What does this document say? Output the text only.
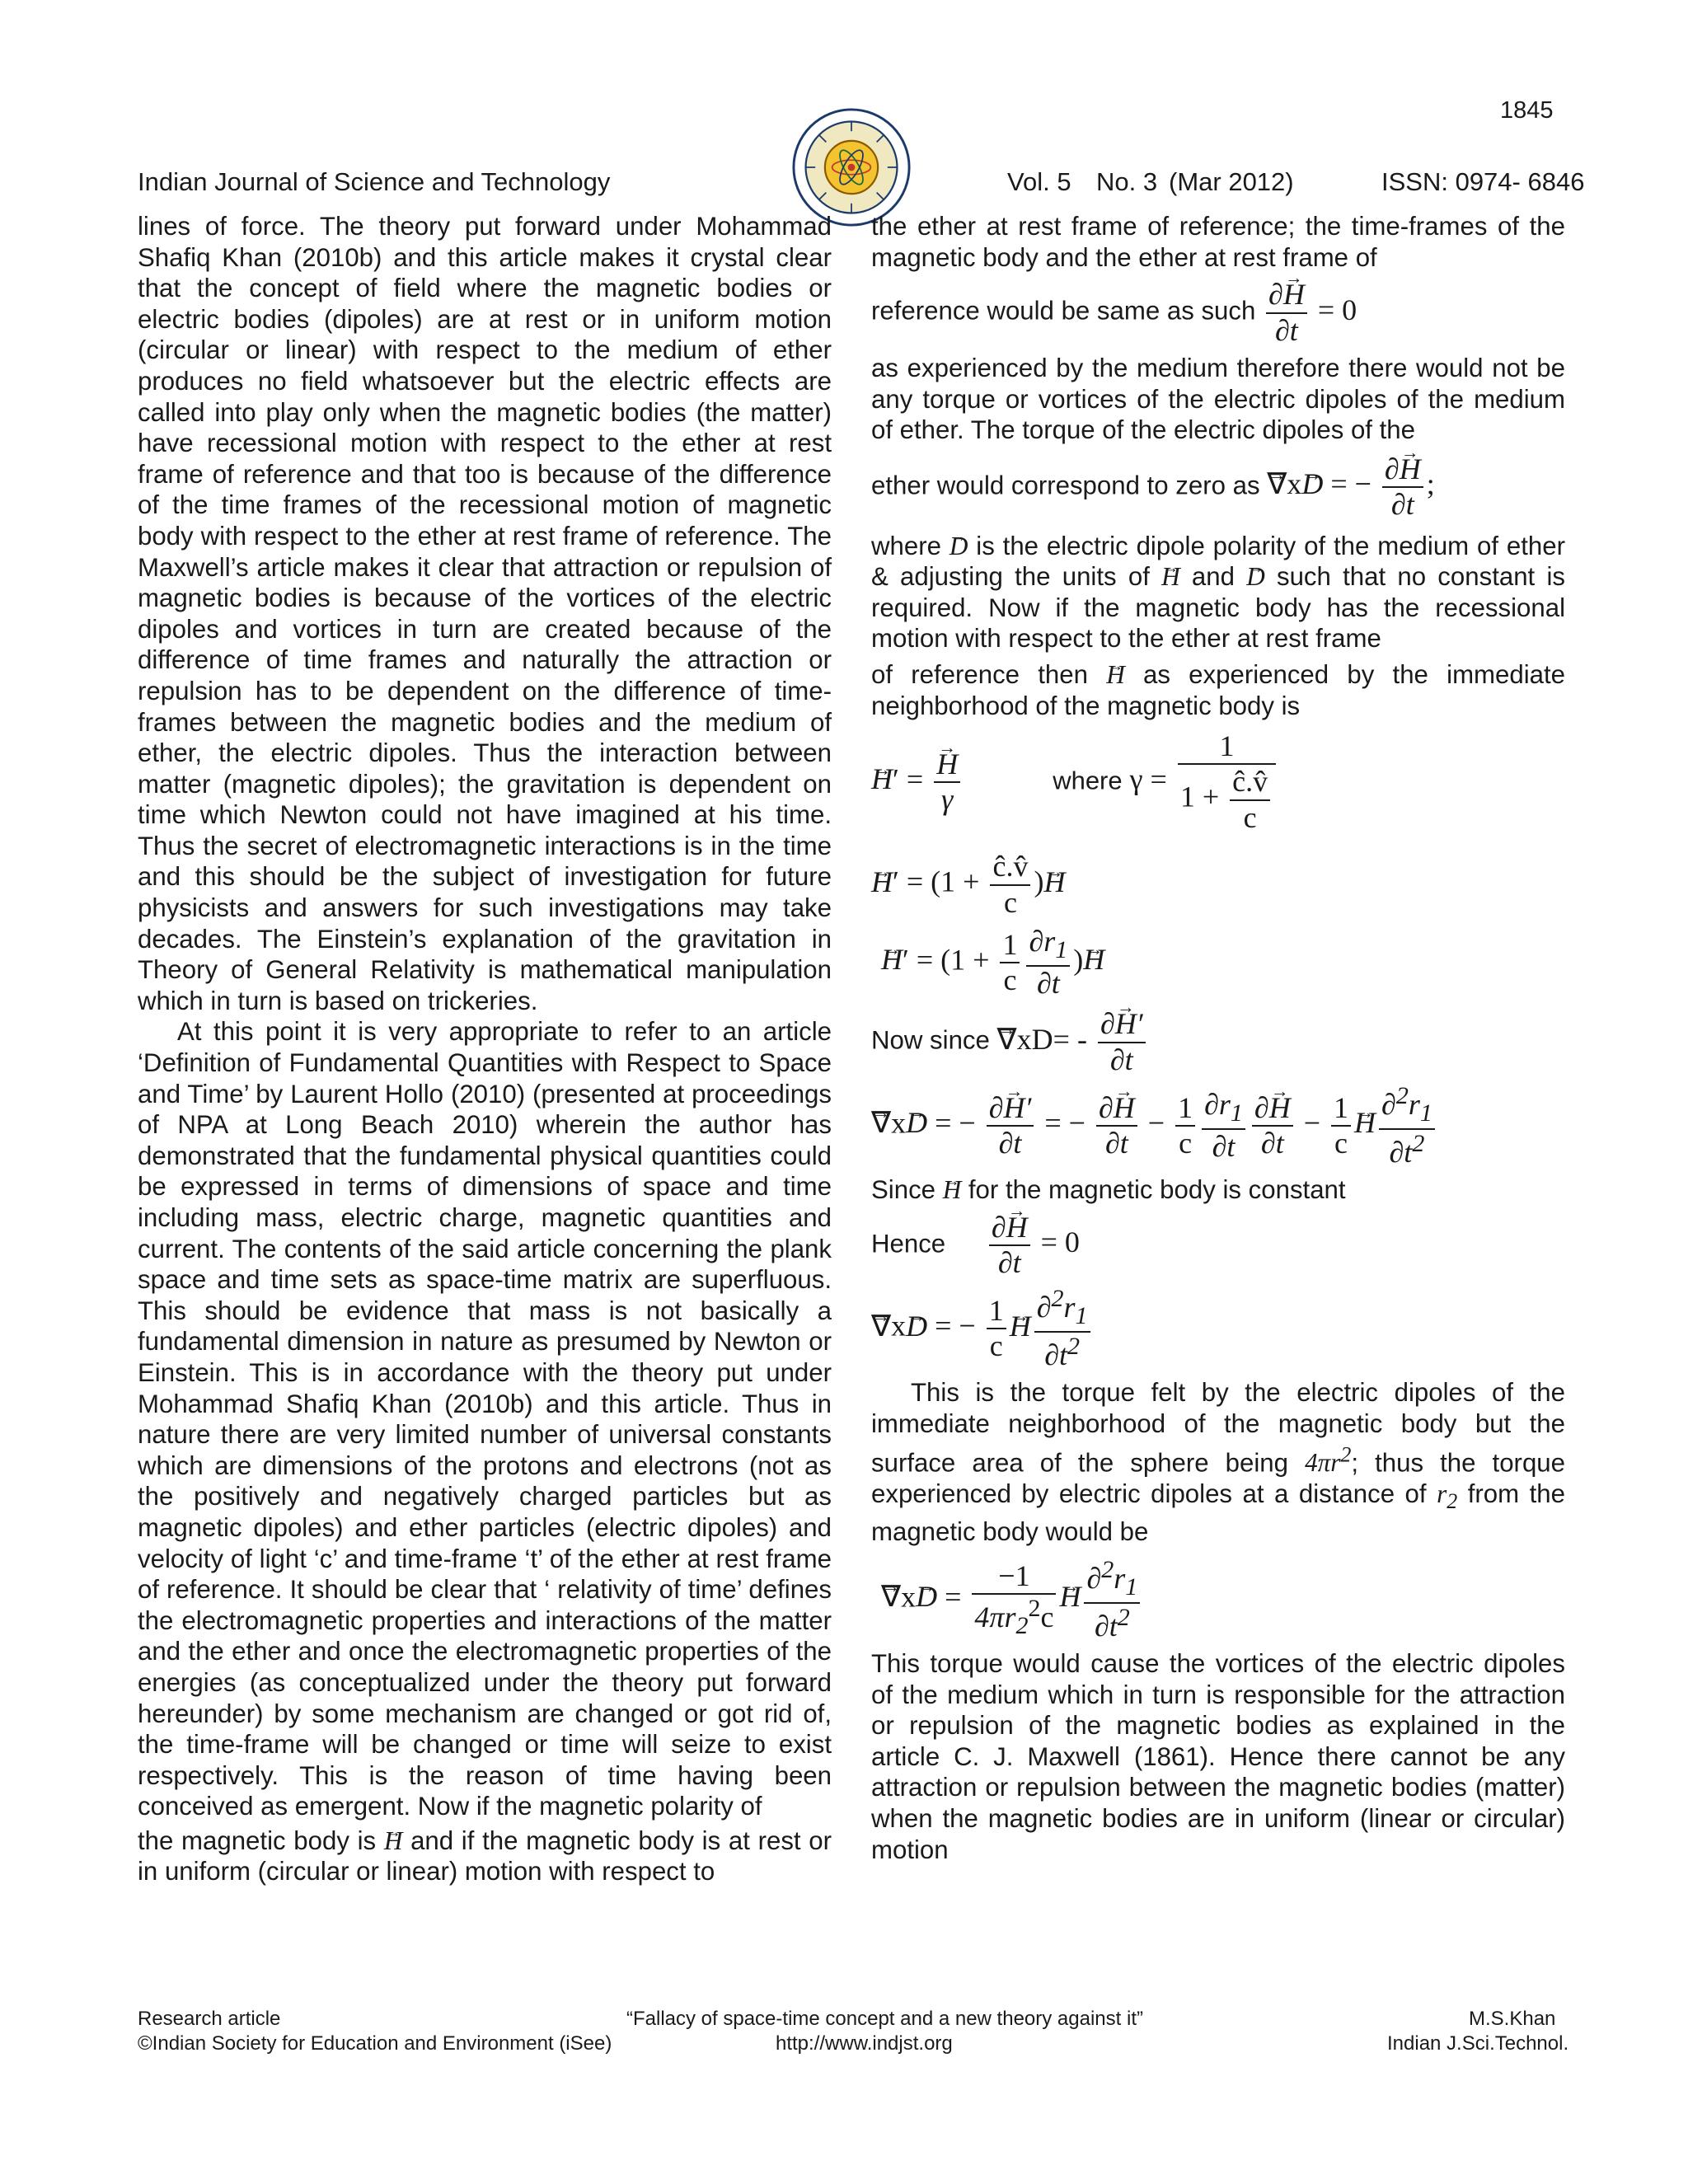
1845
Indian Journal of Science and Technology	Vol. 5 No. 3 (Mar 2012)	ISSN: 0974- 6846

lines of force. The theory put forward under Mohammad Shafiq Khan (2010b) and this article makes it crystal clear that the concept of field where the magnetic bodies or electric bodies (dipoles) are at rest or in uniform motion (circular or linear) with respect to the medium of ether produces no field whatsoever but the electric effects are called into play only when the magnetic bodies (the matter) have recessional motion with respect to the ether at rest frame of reference and that too is because of the difference of the time frames of the recessional motion of magnetic body with respect to the ether at rest frame of reference. The Maxwell’s article makes it clear that attraction or repulsion of magnetic bodies is because of the vortices of the electric dipoles and vortices in turn are created because of the difference of time frames and naturally the attraction or repulsion has to be dependent on the difference of time-frames between the magnetic bodies and the medium of ether, the electric dipoles. Thus the interaction between matter (magnetic dipoles); the gravitation is dependent on time which Newton could not have imagined at his time. Thus the secret of electromagnetic interactions is in the time and this should be the subject of investigation for future physicists and answers for such investigations may take decades. The Einstein’s explanation of the gravitation in Theory of General Relativity is mathematical manipulation which in turn is based on trickeries.

At this point it is very appropriate to refer to an article ‘Definition of Fundamental Quantities with Respect to Space and Time’ by Laurent Hollo (2010) (presented at proceedings of NPA at Long Beach 2010) wherein the author has demonstrated that the fundamental physical quantities could be expressed in terms of dimensions of space and time including mass, electric charge, magnetic quantities and current. The contents of the said article concerning the plank space and time sets as space-time matrix are superfluous. This should be evidence that mass is not basically a fundamental dimension in nature as presumed by Newton or Einstein. This is in accordance with the theory put under Mohammad Shafiq Khan (2010b) and this article. Thus in nature there are very limited number of universal constants which are dimensions of the protons and electrons (not as the positively and negatively charged particles but as magnetic dipoles) and ether particles (electric dipoles) and velocity of light ‘c’ and time-frame ‘t’ of the ether at rest frame of reference. It should be clear that ‘ relativity of time’ defines the electromagnetic properties and interactions of the matter and the ether and once the electromagnetic properties of the energies (as conceptualized under the theory put forward hereunder) by some mechanism are changed or got rid of, the time-frame will be changed or time will seize to exist respectively. This is the reason of time having been conceived as emergent. Now if the magnetic polarity of

the magnetic body is → H and if the magnetic body is at rest or in uniform (circular or linear) motion with respect to

the ether at rest frame of reference; the time-frames of the magnetic body and the ether at rest frame of

reference would be same as such $\frac{\partial\to H}{\partial t} = 0$

as experienced by the medium therefore there would not be any torque or vortices of the electric dipoles of the medium of ether. The torque of the electric dipoles of the

ether would correspond to zero as → ∇x→ D = − $\frac{\partial\to H}{\partial t}$ ;

where → D is the electric dipole polarity of the medium of ether & adjusting the units of → H and → D such that no constant is required. Now if the magnetic body has the recessional motion with respect to the ether at rest frame

of reference then → H as experienced by the immediate neighborhood of the magnetic body is

→ H′ =
→ $\frac{H}{\gamma}$	where $\gamma = \frac{1}{1 + \frac{ĉ.v̂}{c}}$
→ $H' = (1 + \frac{ĉ.v̂}{c}$ )→ H
→ $H' = (1 + \frac{1}{c} \frac{\partial r_1}{\partial t}$ )→ H
Now since → $\nabla xD= - \frac{\partial\to H'}{\partial t}$
→ ∇x→ D = − $\frac{\partial\to H'}{\partial t}$ = − $\frac{\partial\to H}{\partial t} - \frac{1}{c} \frac{\partial r_1}{\partial t} \frac{\partial\to H}{\partial t} - \frac{1}{c}$
→ H $\frac{\partial^2r_1}{\partial t^2}$

Since → H for the magnetic body is constant

Hence $\frac{\partial\to H}{\partial t} = 0$
→ ∇x→ D = − $\frac{1}{c}$
→ H $\frac{\partial^2r_1}{\partial t^2}$

This is the torque felt by the electric dipoles of the immediate neighborhood of the magnetic body but the surface area of the sphere being $4\pi r^2$; thus the torque experienced by electric dipoles at a distance of $r_2$ from the magnetic body would be

→ $\nabla x\to D = \frac{-1}{4\pi r_2^2c}$
→ H $\frac{\partial^2r_1}{\partial t^2}$

This torque would cause the vortices of the electric dipoles of the medium which in turn is responsible for the attraction or repulsion of the magnetic bodies as explained in the article C. J. Maxwell (1861). Hence there cannot be any attraction or repulsion between the magnetic bodies (matter) when the magnetic bodies are in uniform (linear or circular) motion

Research article
©Indian Society for Education and Environment (iSee)
“Fallacy of space-time concept and a new theory against it”
http://www.indjst.org
M.S.Khan
Indian J.Sci.Technol.
